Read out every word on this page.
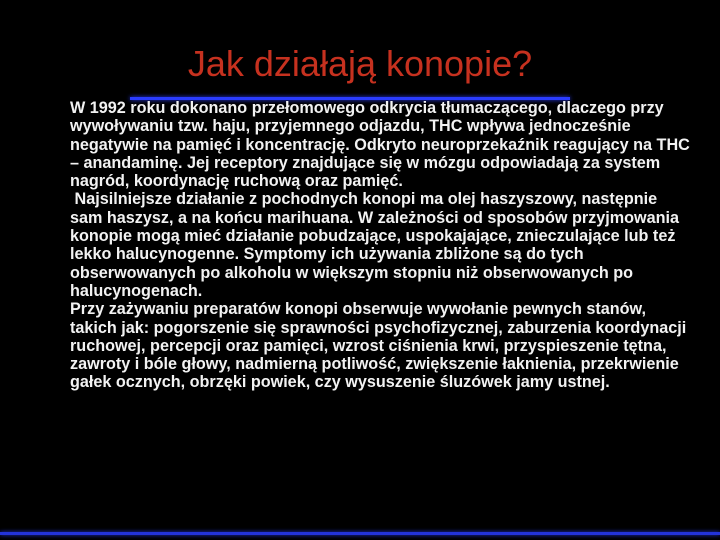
Jak działają konopie?

W 1992 roku dokonano przełomowego odkrycia tłumaczącego, dlaczego przy wywoływaniu tzw. haju, przyjemnego odjazdu, THC wpływa jednocześnie negatywie na pamięć i koncentrację. Odkryto neuroprzekaźnik reagujący na THC – anandaminę. Jej receptory znajdujące się w mózgu odpowiadają za system nagród, koordynację ruchową oraz pamięć.

Najsilniejsze działanie z pochodnych konopi ma olej haszyszowy, następnie sam haszysz, a na końcu marihuana. W zależności od sposobów przyjmowania konopie mogą mieć działanie pobudzające, uspokajające, znieczulające lub też lekko halucynogenne. Symptomy ich używania zbliżone są do tych obserwowanych po alkoholu w większym stopniu niż obserwowanych po halucynogenach.

Przy zażywaniu preparatów konopi obserwuje wywołanie pewnych stanów, takich jak: pogorszenie się sprawności psychofizycznej, zaburzenia koordynacji ruchowej, percepcji oraz pamięci, wzrost ciśnienia krwi, przyspieszenie tętna, zawroty i bóle głowy, nadmierną potliwość, zwiększenie łaknienia, przekrwienie gałek ocznych, obrzęki powiek, czy wysuszenie śluzówek jamy ustnej.
